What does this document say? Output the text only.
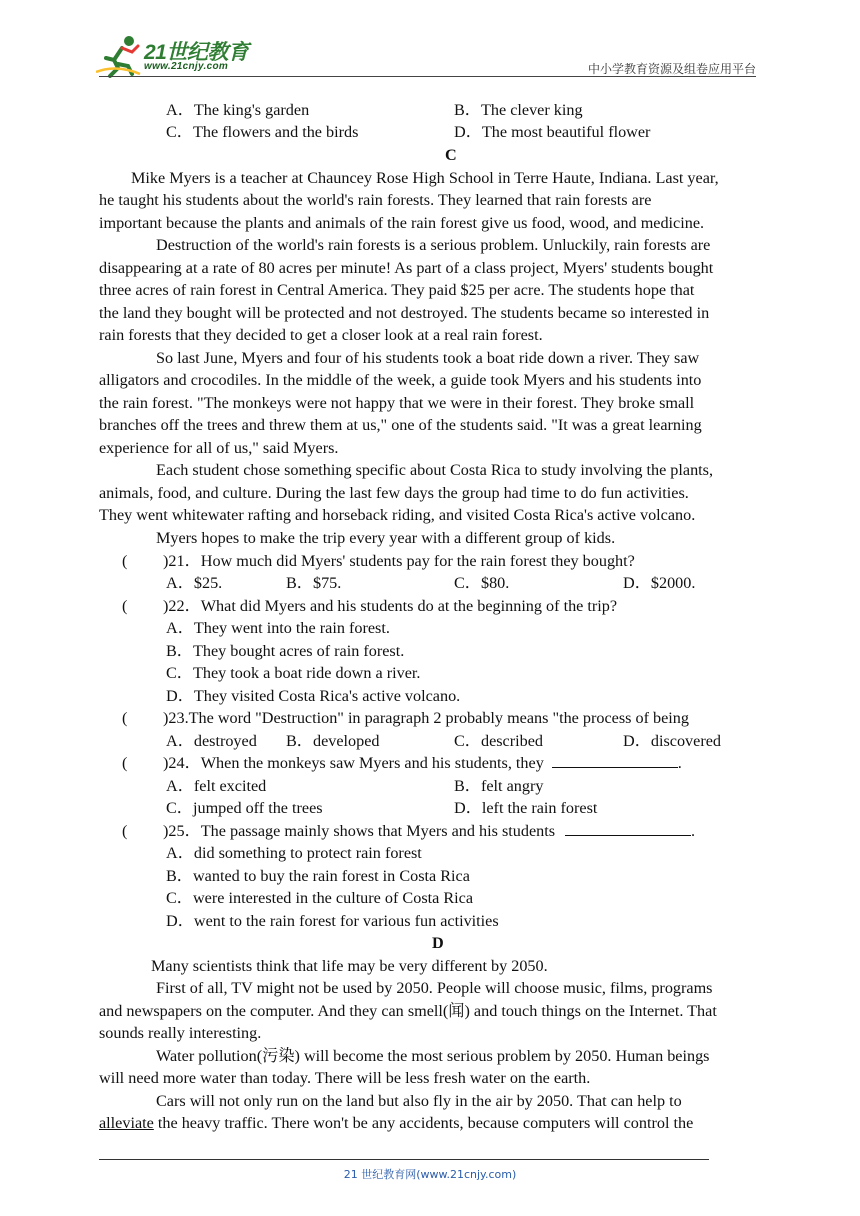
21世纪教育
www.21cnjy.com	中小学教育资源及组卷应用平台
A．The king's garden	B．The clever king
C．The flowers and the birds	D．The most beautiful flower
C
Mike Myers is a teacher at Chauncey Rose High School in Terre Haute, Indiana. Last year,
he taught his students about the world's rain forests. They learned that rain forests are
important because the plants and animals of the rain forest give us food, wood, and medicine.
Destruction of the world's rain forests is a serious problem. Unluckily, rain forests are
disappearing at a rate of 80 acres per minute! As part of a class project, Myers' students bought
three acres of rain forest in Central America. They paid $25 per acre. The students hope that
the land they bought will be protected and not destroyed. The students became so interested in
rain forests that they decided to get a closer look at a real rain forest.
So last June, Myers and four of his students took a boat ride down a river. They saw
alligators and crocodiles. In the middle of the week, a guide took Myers and his students into
the rain forest. "The monkeys were not happy that we were in their forest. They broke small
branches off the trees and threw them at us," one of the students said. "It was a great learning
experience for all of us," said Myers.
Each student chose something specific about Costa Rica to study involving the plants,
animals, food, and culture. During the last few days the group had time to do fun activities.
They went whitewater rafting and horseback riding, and visited Costa Rica's active volcano.
Myers hopes to make the trip every year with a different group of kids.
( )21．How much did Myers' students pay for the rain forest they bought?
A．$25.	B．$75.	C．$80.	D．$2000.
( )22．What did Myers and his students do at the beginning of the trip?
A．They went into the rain forest.
B．They bought acres of rain forest.
C．They took a boat ride down a river.
D．They visited Costa Rica's active volcano.
( )23.The word "Destruction" in paragraph 2 probably means "the process of being
A．destroyed B．developed	C．described	D．discovered
( )24．When the monkeys saw Myers and his students, they	.
A．felt excited	B．felt angry
C．jumped off the trees	D．left the rain forest
( )25．The passage mainly shows that Myers and his students	.
A．did something to protect rain forest
B．wanted to buy the rain forest in Costa Rica
C．were interested in the culture of Costa Rica
D．went to the rain forest for various fun activities
D
Many scientists think that life may be very different by 2050.
First of all, TV might not be used by 2050. People will choose music, films, programs
and newspapers on the computer. And they can smell(闻) and touch things on the Internet. That
sounds really interesting.
Water pollution(污染) will become the most serious problem by 2050. Human beings
will need more water than today. There will be less fresh water on the earth.
Cars will not only run on the land but also fly in the air by 2050. That can help to
alleviate the heavy traffic. There won't be any accidents, because computers will control the
21 世纪教育网(www.21cnjy.com)
